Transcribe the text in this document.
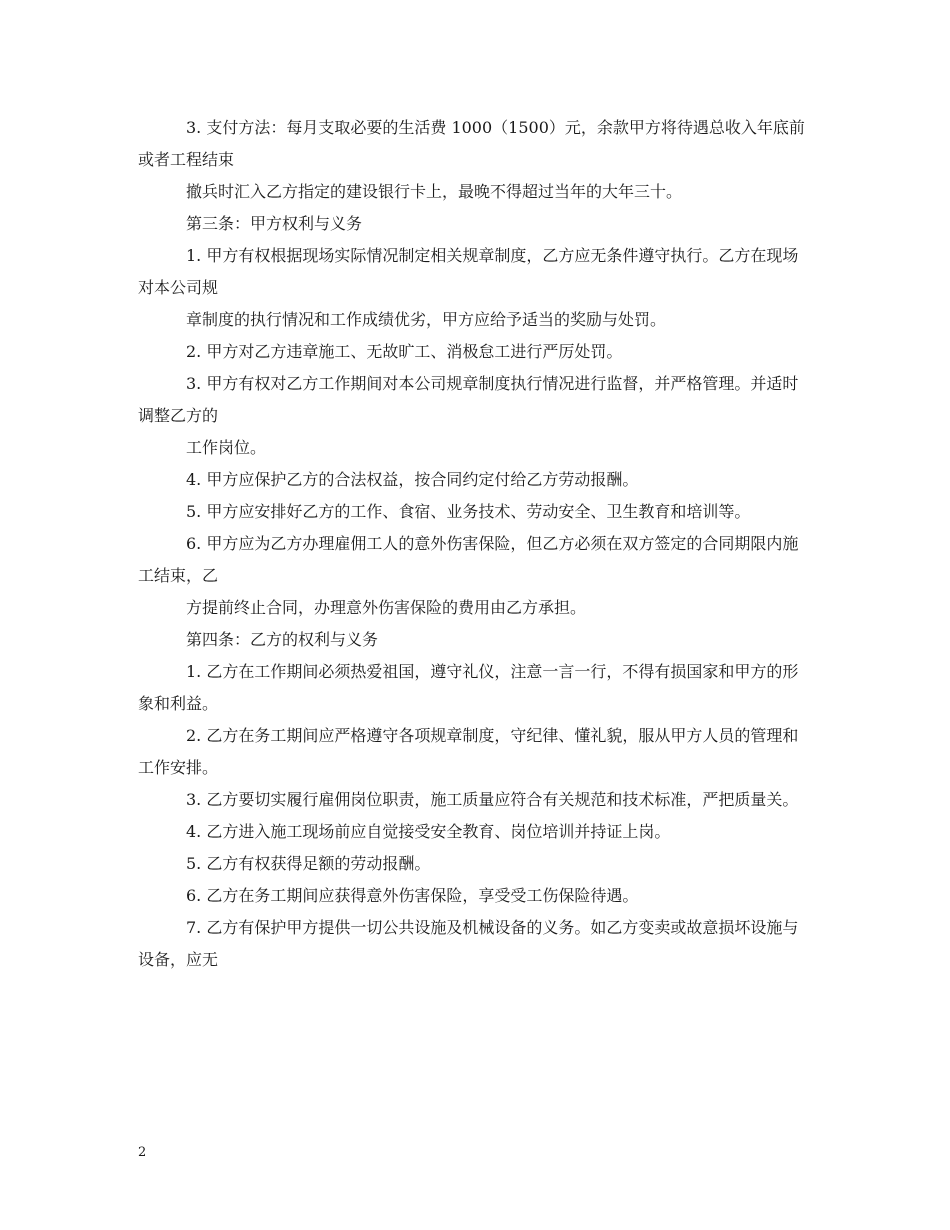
3. 支付方法：每月支取必要的生活费 1000（1500）元，余款甲方将待遇总收入年底前或者工程结束

撤兵时汇入乙方指定的建设银行卡上，最晚不得超过当年的大年三十。

第三条：甲方权利与义务

1. 甲方有权根据现场实际情况制定相关规章制度，乙方应无条件遵守执行。乙方在现场对本公司规

章制度的执行情况和工作成绩优劣，甲方应给予适当的奖励与处罚。

2. 甲方对乙方违章施工、无故旷工、消极怠工进行严厉处罚。

3. 甲方有权对乙方工作期间对本公司规章制度执行情况进行监督，并严格管理。并适时调整乙方的

工作岗位。

4. 甲方应保护乙方的合法权益，按合同约定付给乙方劳动报酬。

5. 甲方应安排好乙方的工作、食宿、业务技术、劳动安全、卫生教育和培训等。

6. 甲方应为乙方办理雇佣工人的意外伤害保险，但乙方必须在双方签定的合同期限内施工结束，乙

方提前终止合同，办理意外伤害保险的费用由乙方承担。

第四条：乙方的权利与义务

1. 乙方在工作期间必须热爱祖国，遵守礼仪，注意一言一行，不得有损国家和甲方的形象和利益。

2. 乙方在务工期间应严格遵守各项规章制度，守纪律、懂礼貌，服从甲方人员的管理和工作安排。

3. 乙方要切实履行雇佣岗位职责，施工质量应符合有关规范和技术标准，严把质量关。

4. 乙方进入施工现场前应自觉接受安全教育、岗位培训并持证上岗。

5. 乙方有权获得足额的劳动报酬。

6. 乙方在务工期间应获得意外伤害保险，享受受工伤保险待遇。

7. 乙方有保护甲方提供一切公共设施及机械设备的义务。如乙方变卖或故意损坏设施与设备，应无

2
